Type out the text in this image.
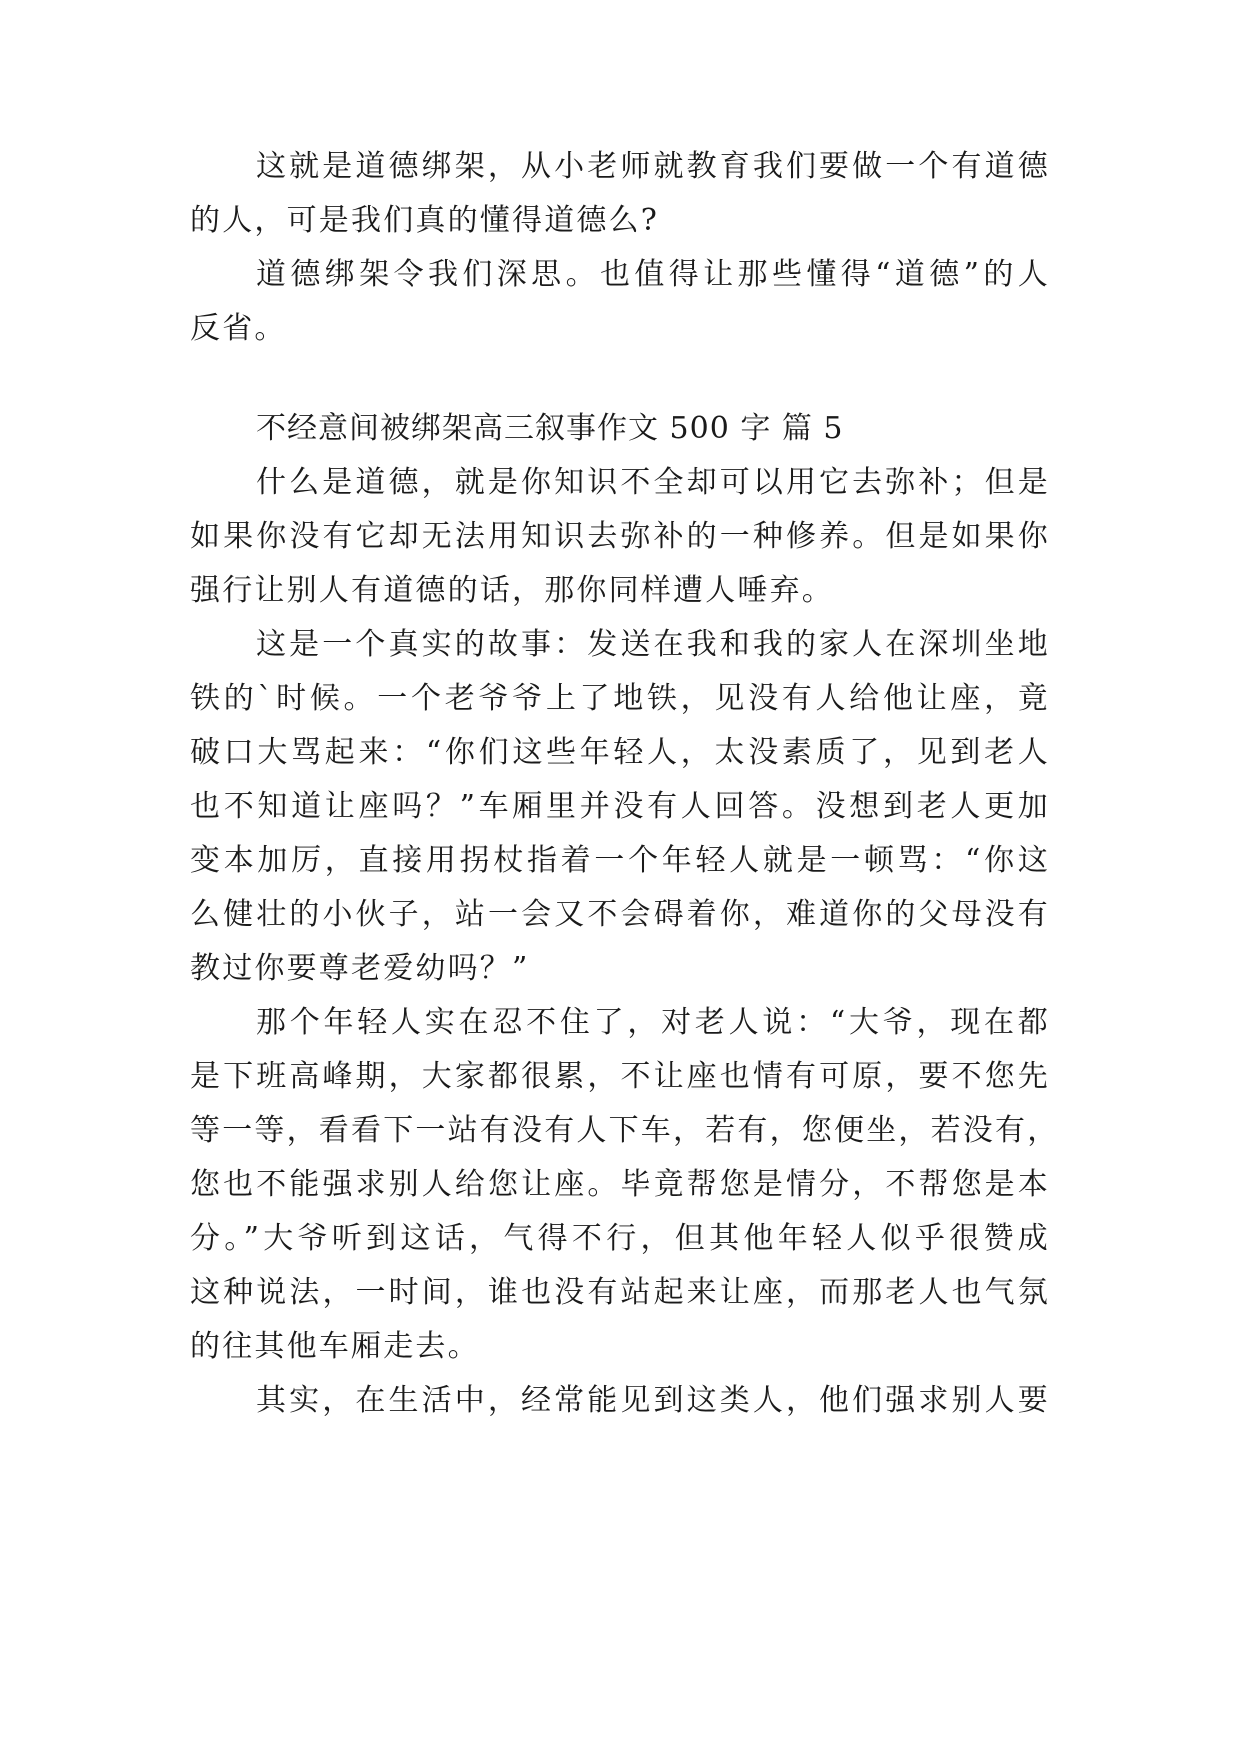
这就是道德绑架，从小老师就教育我们要做一个有道德
的人，可是我们真的懂得道德么?
道德绑架令我们深思。也值得让那些懂得“道德”的人
反省。
不经意间被绑架高三叙事作文 500 字 篇 5
什么是道德，就是你知识不全却可以用它去弥补；但是
如果你没有它却无法用知识去弥补的一种修养。但是如果你
强行让别人有道德的话，那你同样遭人唾弃。
这是一个真实的故事：发送在我和我的家人在深圳坐地
铁的`时候。一个老爷爷上了地铁，见没有人给他让座，竟
破口大骂起来：“你们这些年轻人，太没素质了，见到老人
也不知道让座吗？”车厢里并没有人回答。没想到老人更加
变本加厉，直接用拐杖指着一个年轻人就是一顿骂：“你这
么健壮的小伙子，站一会又不会碍着你，难道你的父母没有
教过你要尊老爱幼吗？”
那个年轻人实在忍不住了，对老人说：“大爷，现在都
是下班高峰期，大家都很累，不让座也情有可原，要不您先
等一等，看看下一站有没有人下车，若有，您便坐，若没有，
您也不能强求别人给您让座。毕竟帮您是情分，不帮您是本
分。”大爷听到这话，气得不行，但其他年轻人似乎很赞成
这种说法，一时间，谁也没有站起来让座，而那老人也气氛
的往其他车厢走去。
其实，在生活中，经常能见到这类人，他们强求别人要
